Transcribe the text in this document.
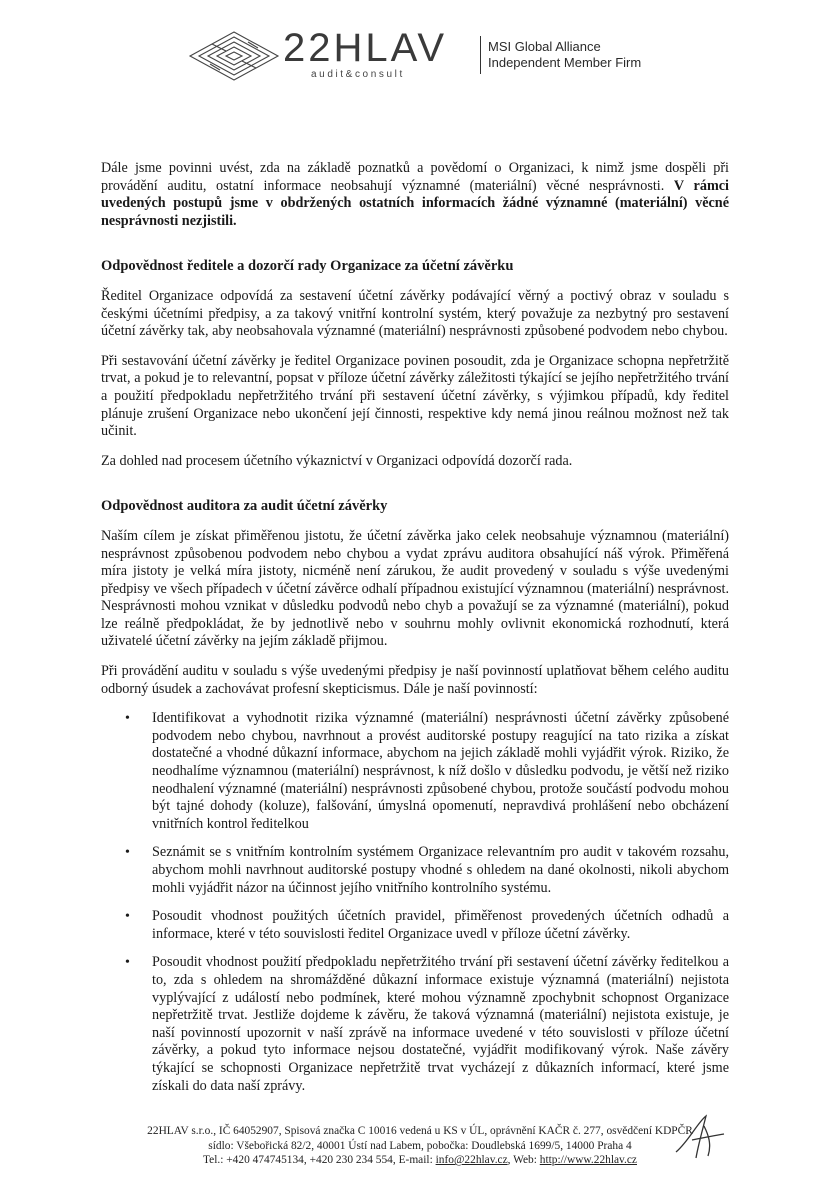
22HLAV
audit&consult
MSI Global Alliance
Independent Member Firm

Dále jsme povinni uvést, zda na základě poznatků a povědomí o Organizaci, k nimž jsme dospěli při provádění auditu, ostatní informace neobsahují významné (materiální) věcné nesprávnosti. V rámci uvedených postupů jsme v obdržených ostatních informacích žádné významné (materiální) věcné nesprávnosti nezjistili.

Odpovědnost ředitele a dozorčí rady Organizace za účetní závěrku

Ředitel Organizace odpovídá za sestavení účetní závěrky podávající věrný a poctivý obraz v souladu s českými účetními předpisy, a za takový vnitřní kontrolní systém, který považuje za nezbytný pro sestavení účetní závěrky tak, aby neobsahovala významné (materiální) nesprávnosti způsobené podvodem nebo chybou.

Při sestavování účetní závěrky je ředitel Organizace povinen posoudit, zda je Organizace schopna nepřetržitě trvat, a pokud je to relevantní, popsat v příloze účetní závěrky záležitosti týkající se jejího nepřetržitého trvání a použití předpokladu nepřetržitého trvání při sestavení účetní závěrky, s výjimkou případů, kdy ředitel plánuje zrušení Organizace nebo ukončení její činnosti, respektive kdy nemá jinou reálnou možnost než tak učinit.

Za dohled nad procesem účetního výkaznictví v Organizaci odpovídá dozorčí rada.

Odpovědnost auditora za audit účetní závěrky

Naším cílem je získat přiměřenou jistotu, že účetní závěrka jako celek neobsahuje významnou (materiální) nesprávnost způsobenou podvodem nebo chybou a vydat zprávu auditora obsahující náš výrok. Přiměřená míra jistoty je velká míra jistoty, nicméně není zárukou, že audit provedený v souladu s výše uvedenými předpisy ve všech případech v účetní závěrce odhalí případnou existující významnou (materiální) nesprávnost. Nesprávnosti mohou vznikat v důsledku podvodů nebo chyb a považují se za významné (materiální), pokud lze reálně předpokládat, že by jednotlivě nebo v souhrnu mohly ovlivnit ekonomická rozhodnutí, která uživatelé účetní závěrky na jejím základě přijmou.

Při provádění auditu v souladu s výše uvedenými předpisy je naší povinností uplatňovat během celého auditu odborný úsudek a zachovávat profesní skepticismus. Dále je naší povinností:

• Identifikovat a vyhodnotit rizika významné (materiální) nesprávnosti účetní závěrky způsobené podvodem nebo chybou, navrhnout a provést auditorské postupy reagující na tato rizika a získat dostatečné a vhodné důkazní informace, abychom na jejich základě mohli vyjádřit výrok. Riziko, že neodhalíme významnou (materiální) nesprávnost, k níž došlo v důsledku podvodu, je větší než riziko neodhalení významné (materiální) nesprávnosti způsobené chybou, protože součástí podvodu mohou být tajné dohody (koluze), falšování, úmyslná opomenutí, nepravdivá prohlášení nebo obcházení vnitřních kontrol ředitelkou
• Seznámit se s vnitřním kontrolním systémem Organizace relevantním pro audit v takovém rozsahu, abychom mohli navrhnout auditorské postupy vhodné s ohledem na dané okolnosti, nikoli abychom mohli vyjádřit názor na účinnost jejího vnitřního kontrolního systému.
• Posoudit vhodnost použitých účetních pravidel, přiměřenost provedených účetních odhadů a informace, které v této souvislosti ředitel Organizace uvedl v příloze účetní závěrky.
• Posoudit vhodnost použití předpokladu nepřetržitého trvání při sestavení účetní závěrky ředitelkou a to, zda s ohledem na shromážděné důkazní informace existuje významná (materiální) nejistota vyplývající z událostí nebo podmínek, které mohou významně zpochybnit schopnost Organizace nepřetržitě trvat. Jestliže dojdeme k závěru, že taková významná (materiální) nejistota existuje, je naší povinností upozornit v naší zprávě na informace uvedené v této souvislosti v příloze účetní závěrky, a pokud tyto informace nejsou dostatečné, vyjádřit modifikovaný výrok. Naše závěry týkající se schopnosti Organizace nepřetržitě trvat vycházejí z důkazních informací, které jsme získali do data naší zprávy.
22HLAV s.r.o., IČ 64052907, Spisová značka C 10016 vedená u KS v ÚL, oprávnění KAČR č. 277, osvědčení KDPČR
sídlo: Všebořická 82/2, 40001 Ústí nad Labem, pobočka: Doudlebská 1699/5, 14000 Praha 4
Tel.: +420 474745134, +420 230 234 554, E-mail: info@22hlav.cz, Web: http://www.22hlav.cz
